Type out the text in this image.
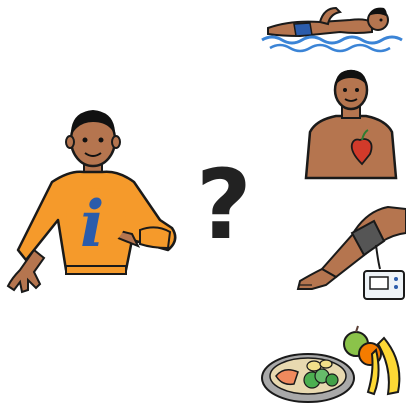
i ?
